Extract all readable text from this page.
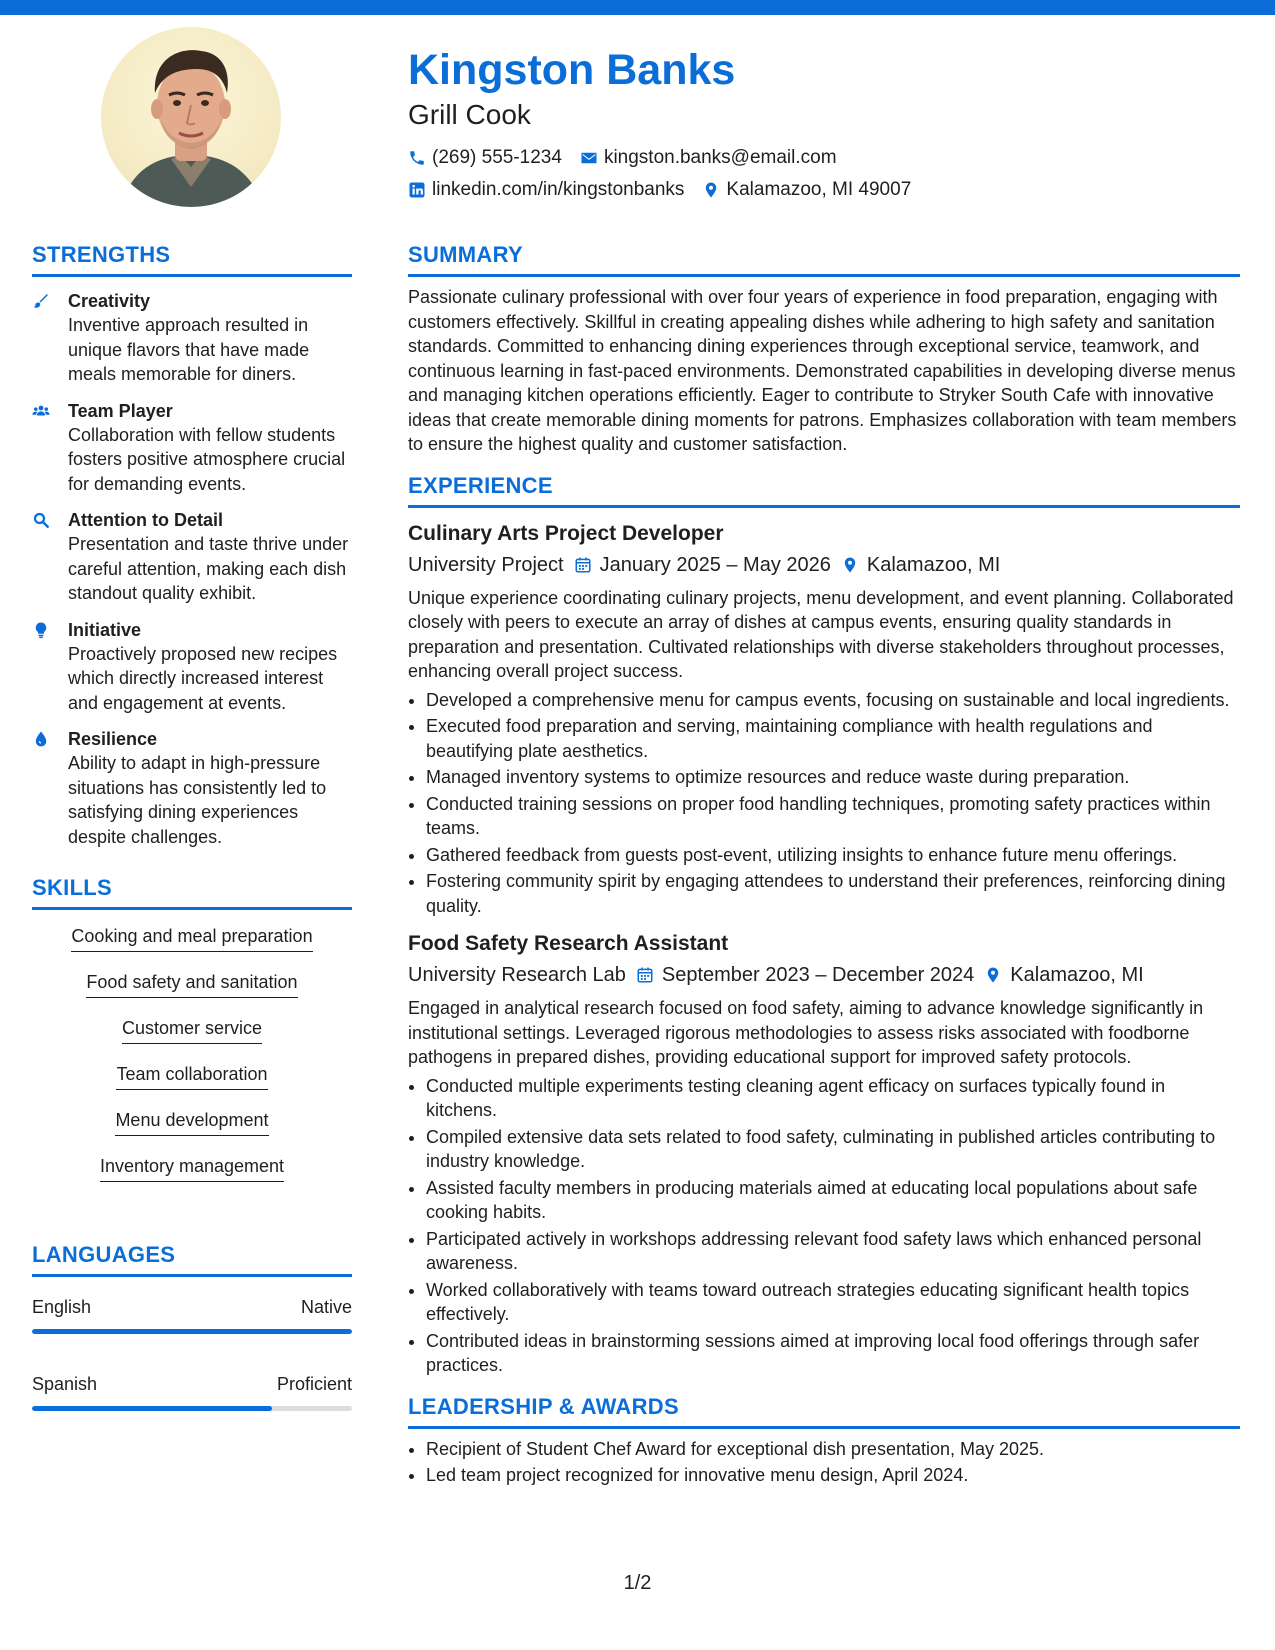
Kingston Banks
Grill Cook
(269) 555-1234 kingston.banks@email.com
linkedin.com/in/kingstonbanks Kalamazoo, MI 49007
STRENGTHS
Creativity
Inventive approach resulted in unique flavors that have made meals memorable for diners.
Team Player
Collaboration with fellow students fosters positive atmosphere crucial for demanding events.
Attention to Detail
Presentation and taste thrive under careful attention, making each dish standout quality exhibit.
Initiative
Proactively proposed new recipes which directly increased interest and engagement at events.
Resilience
Ability to adapt in high-pressure situations has consistently led to satisfying dining experiences despite challenges.
SKILLS
Cooking and meal preparation
Food safety and sanitation
Customer service
Team collaboration
Menu development
Inventory management
LANGUAGES
English	Native
Spanish	Proficient
SUMMARY

Passionate culinary professional with over four years of experience in food preparation, engaging with customers effectively. Skillful in creating appealing dishes while adhering to high safety and sanitation standards. Committed to enhancing dining experiences through exceptional service, teamwork, and continuous learning in fast-paced environments. Demonstrated capabilities in developing diverse menus and managing kitchen operations efficiently. Eager to contribute to Stryker South Cafe with innovative ideas that create memorable dining moments for patrons. Emphasizes collaboration with team members to ensure the highest quality and customer satisfaction.

EXPERIENCE
Culinary Arts Project Developer
University Project January 2025 – May 2026 Kalamazoo, MI

Unique experience coordinating culinary projects, menu development, and event planning. Collaborated closely with peers to execute an array of dishes at campus events, ensuring quality standards in preparation and presentation. Cultivated relationships with diverse stakeholders throughout processes, enhancing overall project success.

• Developed a comprehensive menu for campus events, focusing on sustainable and local ingredients.
• Executed food preparation and serving, maintaining compliance with health regulations and beautifying plate aesthetics.
• Managed inventory systems to optimize resources and reduce waste during preparation.
• Conducted training sessions on proper food handling techniques, promoting safety practices within teams.
• Gathered feedback from guests post-event, utilizing insights to enhance future menu offerings.
• Fostering community spirit by engaging attendees to understand their preferences, reinforcing dining quality.
Food Safety Research Assistant
University Research Lab September 2023 – December 2024 Kalamazoo, MI

Engaged in analytical research focused on food safety, aiming to advance knowledge significantly in institutional settings. Leveraged rigorous methodologies to assess risks associated with foodborne pathogens in prepared dishes, providing educational support for improved safety protocols.

• Conducted multiple experiments testing cleaning agent efficacy on surfaces typically found in kitchens.
• Compiled extensive data sets related to food safety, culminating in published articles contributing to industry knowledge.
• Assisted faculty members in producing materials aimed at educating local populations about safe cooking habits.
• Participated actively in workshops addressing relevant food safety laws which enhanced personal awareness.
• Worked collaboratively with teams toward outreach strategies educating significant health topics effectively.
• Contributed ideas in brainstorming sessions aimed at improving local food offerings through safer practices.
LEADERSHIP & AWARDS
• Recipient of Student Chef Award for exceptional dish presentation, May 2025.
• Led team project recognized for innovative menu design, April 2024.
1/2
